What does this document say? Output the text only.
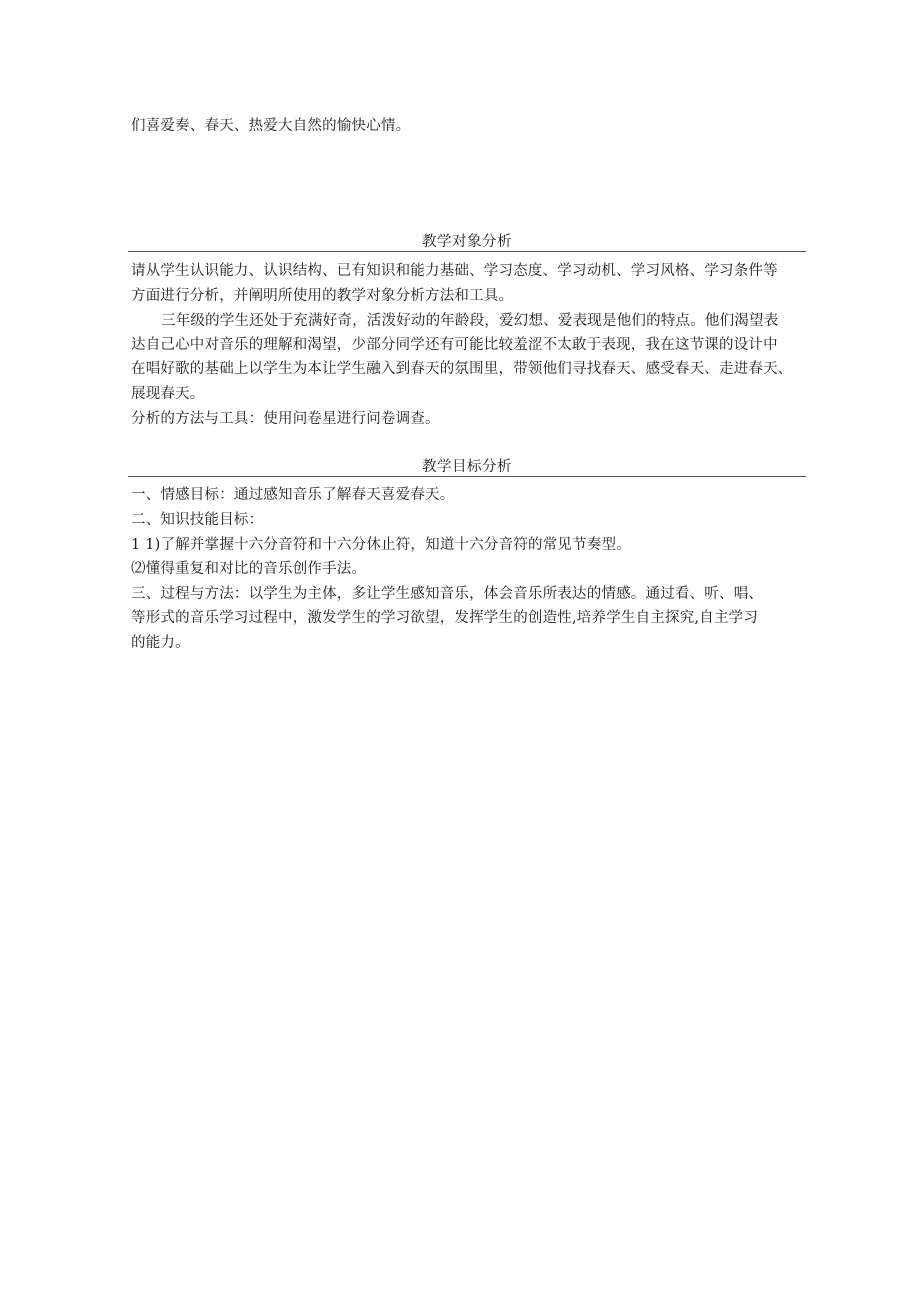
们喜爱奏、春天、热爱大自然的愉快心情。
教学对象分析
请从学生认识能力、认识结构、已有知识和能力基础、学习态度、学习动机、学习风格、学习条件等
方面进行分析，并阐明所使用的教学对象分析方法和工具。
三年级的学生还处于充满好奇，活泼好动的年龄段，爱幻想、爱表现是他们的特点。他们渴望表
达自己心中对音乐的理解和渴望，少部分同学还有可能比较羞涩不太敢于表现，我在这节课的设计中
在唱好歌的基础上以学生为本让学生融入到春天的氛围里，带领他们寻找春天、感受春天、走进春天、
展现春天。
分析的方法与工具：使用问卷星进行问卷调查。
教学目标分析
一、情感目标：通过感知音乐了解春天喜爱春天。
二、知识技能目标：
1 1)了解并掌握十六分音符和十六分休止符，知道十六分音符的常见节奏型。
⑵懂得重复和对比的音乐创作手法。
三、过程与方法：以学生为主体，多让学生感知音乐，体会音乐所表达的情感。通过看、听、唱、
等形式的音乐学习过程中，激发学生的学习欲望，发挥学生的创造性,培养学生自主探究,自主学习
的能力。
